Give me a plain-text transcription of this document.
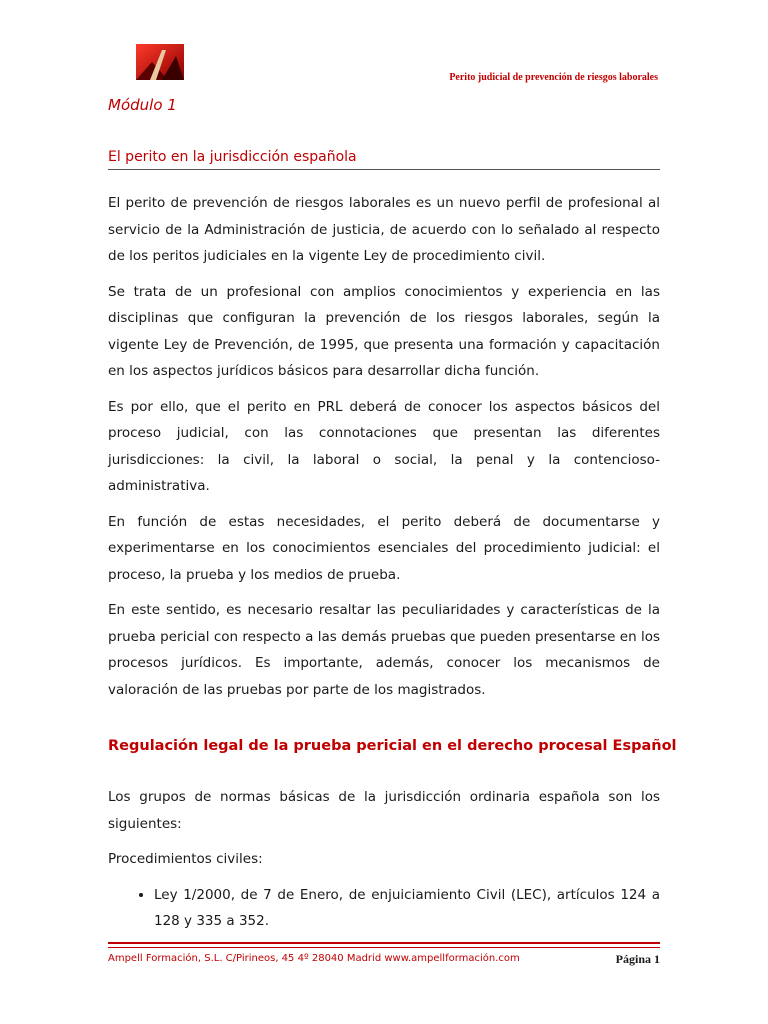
Perito judicial de prevención de riesgos laborales
Módulo 1
El perito en la jurisdicción española

El perito de prevención de riesgos laborales es un nuevo perfil de profesional al servicio de la Administración de justicia, de acuerdo con lo señalado al respecto de los peritos judiciales en la vigente Ley de procedimiento civil.

Se trata de un profesional con amplios conocimientos y experiencia en las disciplinas que configuran la prevención de los riesgos laborales, según la vigente Ley de Prevención, de 1995, que presenta una formación y capacitación en los aspectos jurídicos básicos para desarrollar dicha función.

Es por ello, que el perito en PRL deberá de conocer los aspectos básicos del proceso judicial, con las connotaciones que presentan las diferentes jurisdicciones: la civil, la laboral o social, la penal y la contencioso-administrativa.

En función de estas necesidades, el perito deberá de documentarse y experimentarse en los conocimientos esenciales del procedimiento judicial: el proceso, la prueba y los medios de prueba.

En este sentido, es necesario resaltar las peculiaridades y características de la prueba pericial con respecto a las demás pruebas que pueden presentarse en los procesos jurídicos. Es importante, además, conocer los mecanismos de valoración de las pruebas por parte de los magistrados.

Regulación legal de la prueba pericial en el derecho procesal Español

Los grupos de normas básicas de la jurisdicción ordinaria española son los siguientes:

Procedimientos civiles:

• Ley 1/2000, de 7 de Enero, de enjuiciamiento Civil (LEC), artículos 124 a 128 y 335 a 352.
Ampell Formación, S.L. C/Pirineos, 45 4º 28040 Madrid www.ampellformación.com	Página 1
